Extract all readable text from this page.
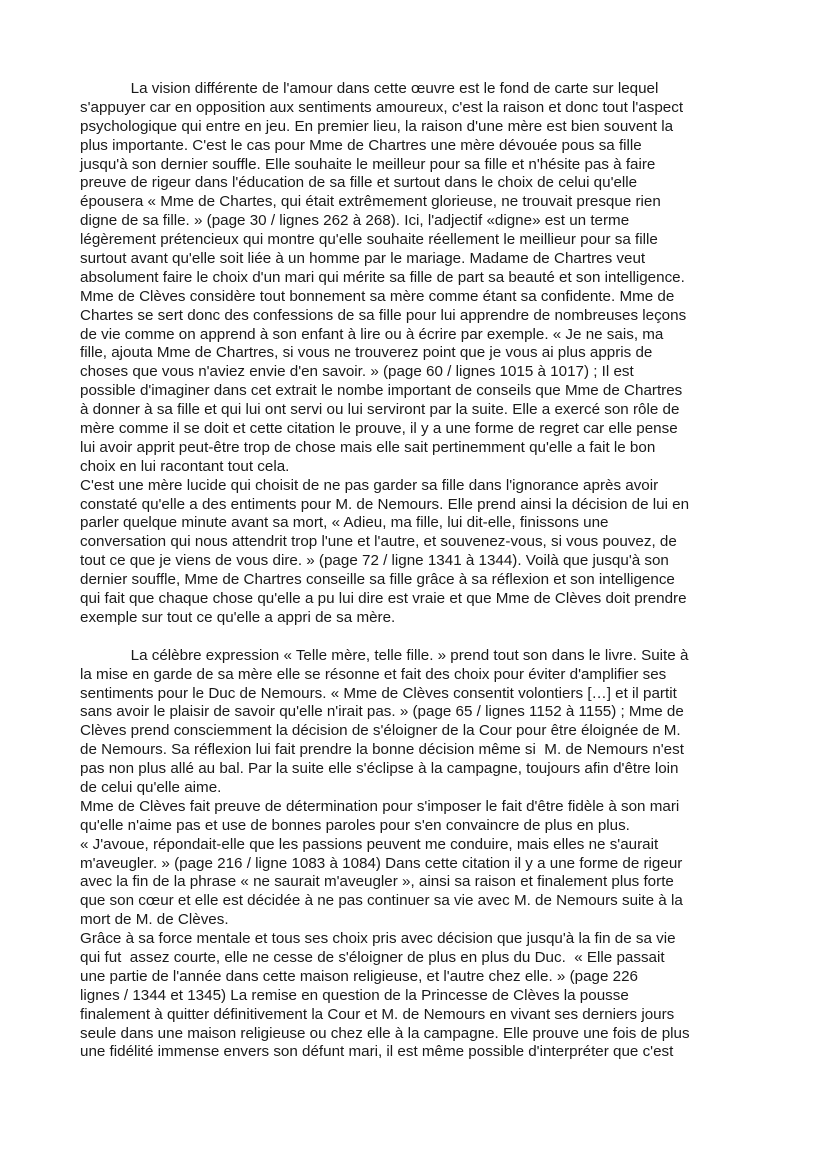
La vision différente de l'amour dans cette œuvre est le fond de carte sur lequel
s'appuyer car en opposition aux sentiments amoureux, c'est la raison et donc tout l'aspect
psychologique qui entre en jeu. En premier lieu, la raison d'une mère est bien souvent la
plus importante. C'est le cas pour Mme de Chartres une mère dévouée pous sa fille
jusqu'à son dernier souffle. Elle souhaite le meilleur pour sa fille et n'hésite pas à faire
preuve de rigeur dans l'éducation de sa fille et surtout dans le choix de celui qu'elle
épousera « Mme de Chartes, qui était extrêmement glorieuse, ne trouvait presque rien
digne de sa fille. » (page 30 / lignes 262 à 268). Ici, l'adjectif «digne» est un terme
légèrement prétencieux qui montre qu'elle souhaite réellement le meillieur pour sa fille
surtout avant qu'elle soit liée à un homme par le mariage. Madame de Chartres veut
absolument faire le choix d'un mari qui mérite sa fille de part sa beauté et son intelligence.
Mme de Clèves considère tout bonnement sa mère comme étant sa confidente. Mme de
Chartes se sert donc des confessions de sa fille pour lui apprendre de nombreuses leçons
de vie comme on apprend à son enfant à lire ou à écrire par exemple. « Je ne sais, ma
fille, ajouta Mme de Chartres, si vous ne trouverez point que je vous ai plus appris de
choses que vous n'aviez envie d'en savoir. » (page 60 / lignes 1015 à 1017) ; Il est
possible d'imaginer dans cet extrait le nombe important de conseils que Mme de Chartres
à donner à sa fille et qui lui ont servi ou lui serviront par la suite. Elle a exercé son rôle de
mère comme il se doit et cette citation le prouve, il y a une forme de regret car elle pense
lui avoir apprit peut-être trop de chose mais elle sait pertinemment qu'elle a fait le bon
choix en lui racontant tout cela.
C'est une mère lucide qui choisit de ne pas garder sa fille dans l'ignorance après avoir
constaté qu'elle a des entiments pour M. de Nemours. Elle prend ainsi la décision de lui en
parler quelque minute avant sa mort, « Adieu, ma fille, lui dit-elle, finissons une
conversation qui nous attendrit trop l'une et l'autre, et souvenez-vous, si vous pouvez, de
tout ce que je viens de vous dire. » (page 72 / ligne 1341 à 1344). Voilà que jusqu'à son
dernier souffle, Mme de Chartres conseille sa fille grâce à sa réflexion et son intelligence
qui fait que chaque chose qu'elle a pu lui dire est vraie et que Mme de Clèves doit prendre
exemple sur tout ce qu'elle a appri de sa mère.
La célèbre expression « Telle mère, telle fille. » prend tout son dans le livre. Suite à
la mise en garde de sa mère elle se résonne et fait des choix pour éviter d'amplifier ses
sentiments pour le Duc de Nemours. « Mme de Clèves consentit volontiers […] et il partit
sans avoir le plaisir de savoir qu'elle n'irait pas. » (page 65 / lignes 1152 à 1155) ; Mme de
Clèves prend consciemment la décision de s'éloigner de la Cour pour être éloignée de M.
de Nemours. Sa réflexion lui fait prendre la bonne décision même si  M. de Nemours n'est
pas non plus allé au bal. Par la suite elle s'éclipse à la campagne, toujours afin d'être loin
de celui qu'elle aime.
Mme de Clèves fait preuve de détermination pour s'imposer le fait d'être fidèle à son mari
qu'elle n'aime pas et use de bonnes paroles pour s'en convaincre de plus en plus.
« J'avoue, répondait-elle que les passions peuvent me conduire, mais elles ne s'aurait
m'aveugler. » (page 216 / ligne 1083 à 1084) Dans cette citation il y a une forme de rigeur
avec la fin de la phrase « ne saurait m'aveugler », ainsi sa raison et finalement plus forte
que son cœur et elle est décidée à ne pas continuer sa vie avec M. de Nemours suite à la
mort de M. de Clèves.
Grâce à sa force mentale et tous ses choix pris avec décision que jusqu'à la fin de sa vie
qui fut  assez courte, elle ne cesse de s'éloigner de plus en plus du Duc.  « Elle passait
une partie de l'année dans cette maison religieuse, et l'autre chez elle. » (page 226
lignes / 1344 et 1345) La remise en question de la Princesse de Clèves la pousse
finalement à quitter définitivement la Cour et M. de Nemours en vivant ses derniers jours
seule dans une maison religieuse ou chez elle à la campagne. Elle prouve une fois de plus
une fidélité immense envers son défunt mari, il est même possible d'interpréter que c'est
